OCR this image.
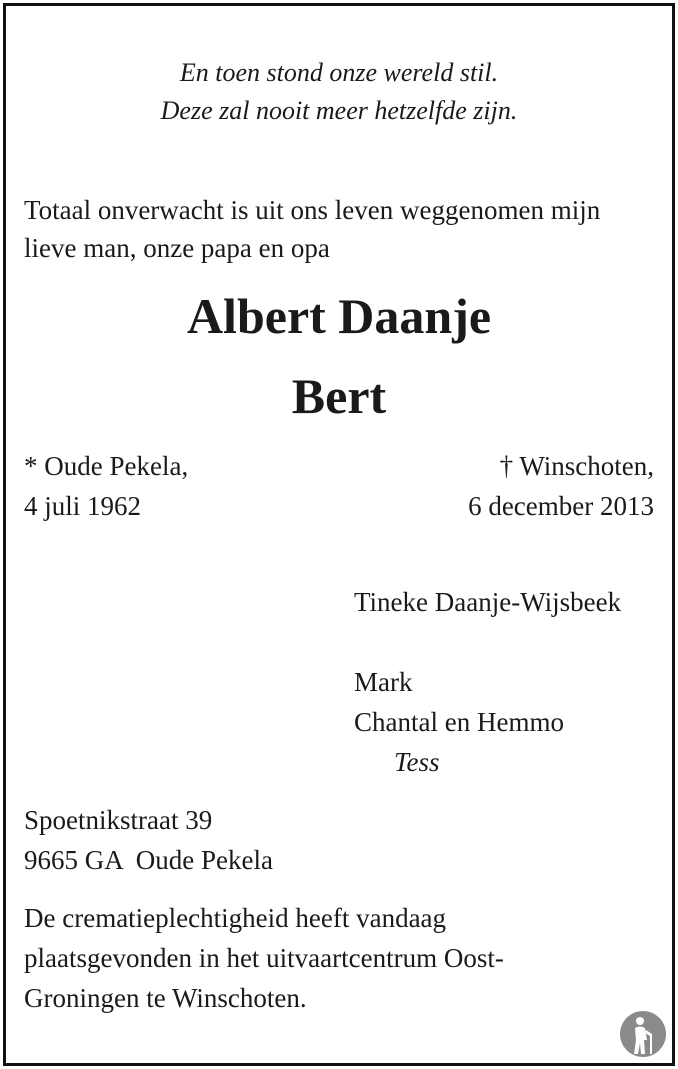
En toen stond onze wereld stil.
Deze zal nooit meer hetzelfde zijn.
Totaal onverwacht is uit ons leven weggenomen mijn
lieve man, onze papa en opa
Albert Daanje
Bert
* Oude Pekela,
4 juli 1962
† Winschoten,
6 december 2013
Tineke Daanje-Wijsbeek
Mark
Chantal en Hemmo
Tess
Spoetnikstraat 39
9665 GA  Oude Pekela
De crematieplechtigheid heeft vandaag
plaatsgevonden in het uitvaartcentrum Oost-
Groningen te Winschoten.
